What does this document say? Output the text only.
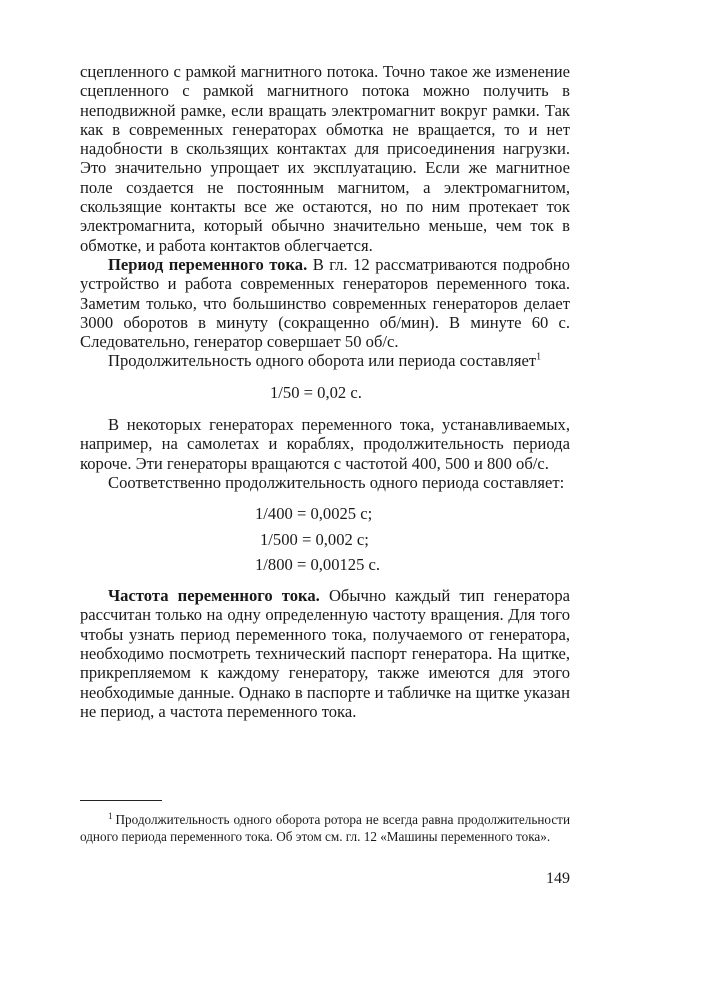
сцепленного с рамкой магнитного потока. Точно такое же изменение сцепленного с рамкой магнитного потока можно получить в неподвижной рамке, если вращать электромагнит вокруг рамки. Так как в современных генераторах обмотка не вращается, то и нет надобности в скользящих контактах для присоединения нагрузки. Это значительно упрощает их эксплуатацию. Если же магнитное поле создается не постоянным магнитом, а электромагнитом, скользящие контакты все же остаются, но по ним протекает ток электромагнита, который обычно значительно меньше, чем ток в обмотке, и работа контактов облегчается.

Период переменного тока. В гл. 12 рассматриваются подробно устройство и работа современных генераторов переменного тока. Заметим только, что большинство современных генераторов делает 3000 оборотов в минуту (сокращенно об/мин). В минуте 60 с. Следовательно, генератор совершает 50 об/с.

Продолжительность одного оборота или периода составляет$^1$

1/50 = 0,02 с.

В некоторых генераторах переменного тока, устанавливаемых, например, на самолетах и кораблях, продолжительность периода короче. Эти генераторы вращаются с частотой 400, 500 и 800 об/с.

Соответственно продолжительность одного периода составляет:

1/400 = 0,0025 с;

1/500 = 0,002 с;

1/800 = 0,00125 с.

Частота переменного тока. Обычно каждый тип генератора рассчитан только на одну определенную частоту вращения. Для того чтобы узнать период переменного тока, получаемого от генератора, необходимо посмотреть технический паспорт генератора. На щитке, прикрепляемом к каждому генератору, также имеются для этого необходимые данные. Однако в паспорте и табличке на щитке указан не период, а частота переменного тока.

$^1$ Продолжительность одного оборота ротора не всегда равна продолжительности одного периода переменного тока. Об этом см. гл. 12 «Машины переменного тока».

149
